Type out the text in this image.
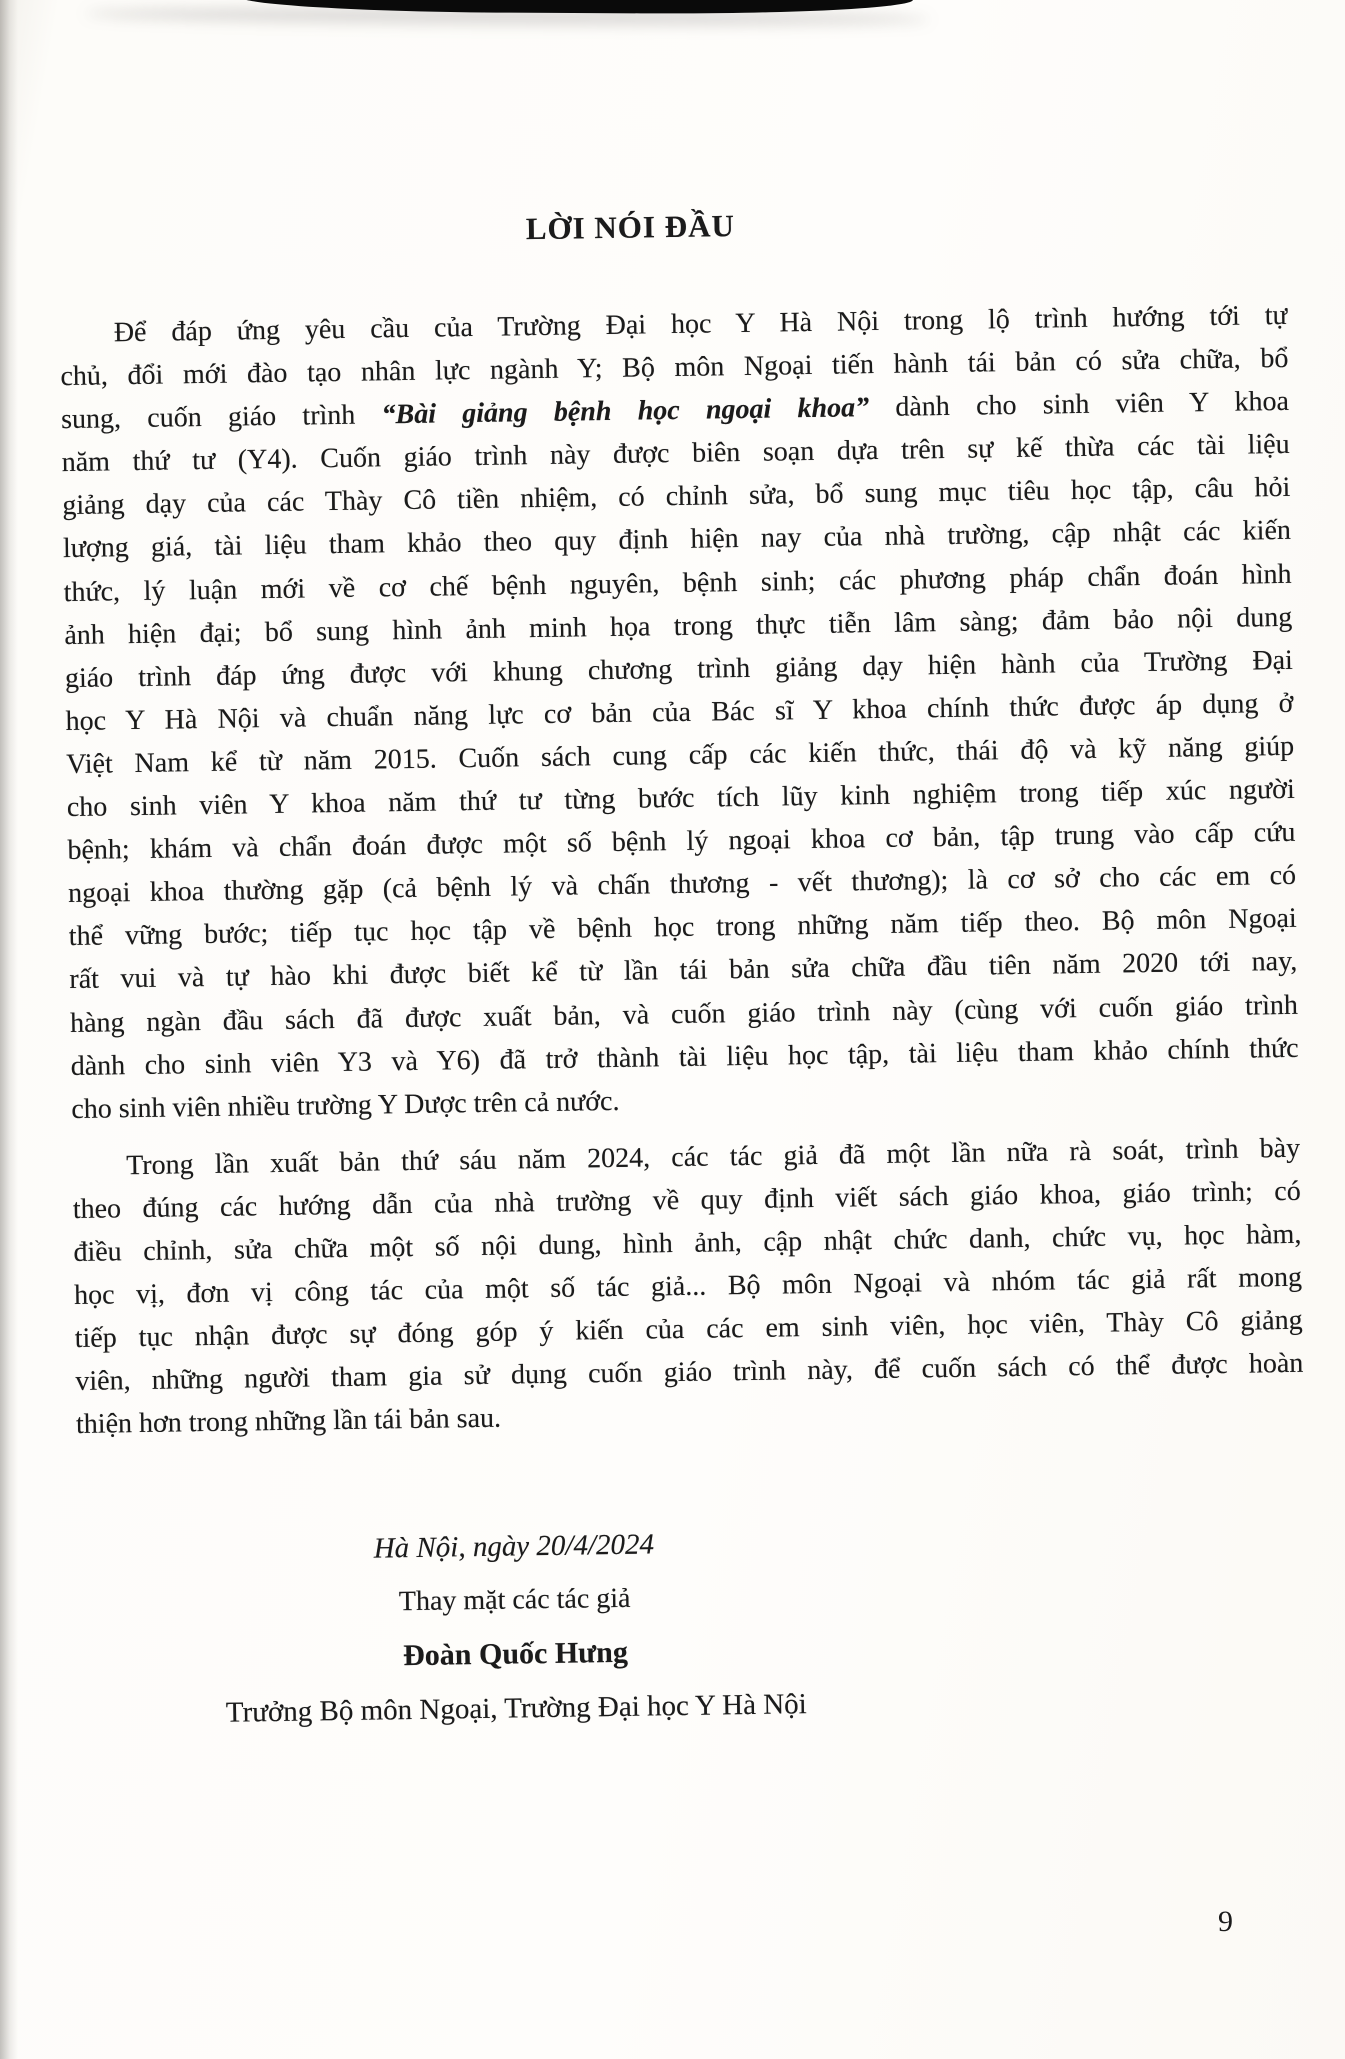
LỜI NÓI ĐẦU
Để đáp ứng yêu cầu của Trường Đại học Y Hà Nội trong lộ trình hướng tới tự
chủ, đổi mới đào tạo nhân lực ngành Y; Bộ môn Ngoại tiến hành tái bản có sửa chữa, bổ
sung, cuốn giáo trình “Bài giảng bệnh học ngoại khoa” dành cho sinh viên Y khoa
năm thứ tư (Y4). Cuốn giáo trình này được biên soạn dựa trên sự kế thừa các tài liệu
giảng dạy của các Thày Cô tiền nhiệm, có chỉnh sửa, bổ sung mục tiêu học tập, câu hỏi
lượng giá, tài liệu tham khảo theo quy định hiện nay của nhà trường, cập nhật các kiến
thức, lý luận mới về cơ chế bệnh nguyên, bệnh sinh; các phương pháp chẩn đoán hình
ảnh hiện đại; bổ sung hình ảnh minh họa trong thực tiễn lâm sàng; đảm bảo nội dung
giáo trình đáp ứng được với khung chương trình giảng dạy hiện hành của Trường Đại
học Y Hà Nội và chuẩn năng lực cơ bản của Bác sĩ Y khoa chính thức được áp dụng ở
Việt Nam kể từ năm 2015. Cuốn sách cung cấp các kiến thức, thái độ và kỹ năng giúp
cho sinh viên Y khoa năm thứ tư từng bước tích lũy kinh nghiệm trong tiếp xúc người
bệnh; khám và chẩn đoán được một số bệnh lý ngoại khoa cơ bản, tập trung vào cấp cứu
ngoại khoa thường gặp (cả bệnh lý và chấn thương - vết thương); là cơ sở cho các em có
thể vững bước; tiếp tục học tập về bệnh học trong những năm tiếp theo. Bộ môn Ngoại
rất vui và tự hào khi được biết kể từ lần tái bản sửa chữa đầu tiên năm 2020 tới nay,
hàng ngàn đầu sách đã được xuất bản, và cuốn giáo trình này (cùng với cuốn giáo trình
dành cho sinh viên Y3 và Y6) đã trở thành tài liệu học tập, tài liệu tham khảo chính thức
cho sinh viên nhiều trường Y Dược trên cả nước.
Trong lần xuất bản thứ sáu năm 2024, các tác giả đã một lần nữa rà soát, trình bày
theo đúng các hướng dẫn của nhà trường về quy định viết sách giáo khoa, giáo trình; có
điều chỉnh, sửa chữa một số nội dung, hình ảnh, cập nhật chức danh, chức vụ, học hàm,
học vị, đơn vị công tác của một số tác giả... Bộ môn Ngoại và nhóm tác giả rất mong
tiếp tục nhận được sự đóng góp ý kiến của các em sinh viên, học viên, Thày Cô giảng
viên, những người tham gia sử dụng cuốn giáo trình này, để cuốn sách có thể được hoàn
thiện hơn trong những lần tái bản sau.
Hà Nội, ngày 20/4/2024
Thay mặt các tác giả
Đoàn Quốc Hưng
Trưởng Bộ môn Ngoại, Trường Đại học Y Hà Nội
9
